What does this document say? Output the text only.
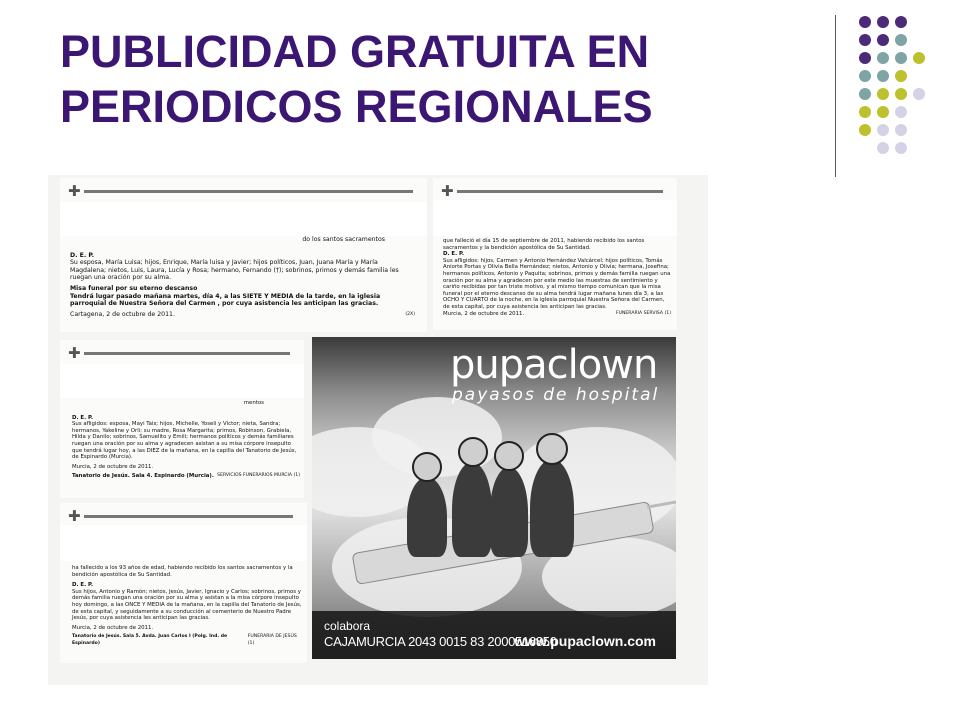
PUBLICIDAD GRATUITA EN
PERIODICOS REGIONALES
✚

do los santos sacramentos

D. E. P.

Su esposa, María Luisa; hijos, Enrique, María luisa y Javier; hijos políticos, Juan, Juana María y María Magdalena; nietos, Luis, Laura, Lucía y Rosa; hermano, Fernando (†); sobrinos, primos y demás familia les ruegan una oración por su alma.

Misa funeral por su eterno descanso

Tendrá lugar pasado mañana martes, día 4, a las SIETE Y MEDIA de la tarde, en la iglesia parroquial de Nuestra Señora del Carmen , por cuya asistencia les anticipan las gracias.

Cartagena, 2 de octubre de 2011.	(2X)
✚

que falleció el día 15 de septiembre de 2011, habiendo recibido los santos sacramentos y la bendición apostólica de Su Santidad.

D. E. P.

Sus afligidos: hijos, Carmen y Antonio Hernández Valcárcel; hijos políticos, Tomás Aniorte Portas y Olivia Bella Hernández; nietos, Antonio y Olivia; hermana, Josefina; hermanos políticos, Antonio y Paquita; sobrinos, primos y demás familia ruegan una oración por su alma y agradecen por este medio las muestras de sentimiento y cariño recibidas por tan triste motivo, y al mismo tiempo comunican que la misa funeral por el eterno descanso de su alma tendrá lugar mañana lunes día 3, a las OCHO Y CUARTO de la noche, en la iglesia parroquial Nuestra Señora del Carmen, de esta capital, por cuya asistencia les anticipan las gracias.

Murcia, 2 de octubre de 2011.	FUNERARIA SERVISA (1)
✚

mentos

D. E. P.

Sus afligidos: esposa, Mayi Tais; hijos, Michelle, Yoseli y Víctor; nieta, Sandra; hermanos, Yakeline y Orli; su madre, Rosa Margarita; primos, Robinson, Grabiela, Hilda y Danilo; sobrinos, Samuelito y Emili; hermanos políticos y demás familiares ruegan una oración por su alma y agradecen asistan a su misa córpore insepulto que tendrá lugar hoy, a las DIEZ de la mañana, en la capilla del Tanatorio de Jesús, de Espinardo (Murcia).

Murcia, 2 de octubre de 2011.

Tanatorio de Jesús. Sala 4. Espinardo (Murcia). SERVICIOS FUNERARIOS MURCIA (1)
✚

ha fallecido a los 93 años de edad, habiendo recibido los santos sacramentos y la bendición apostólica de Su Santidad.

D. E. P.

Sus hijos, Antonio y Ramón; nietos, Jesús, Javier, Ignacio y Carlos; sobrinos, primos y demás familia ruegan una oración por su alma y asistan a la misa córpore insepulto hoy domingo, a las ONCE Y MEDIA de la mañana, en la capilla del Tanatorio de Jesús, de esta capital, y seguidamente a su conducción al cementerio de Nuestro Padre Jesús, por cuya asistencia les anticipan las gracias.

Murcia, 2 de octubre de 2011.

Tanatorio de Jesús. Sala 5. Avda. Juan Carlos I (Polg. Ind. de Espinardo)
FUNERARIA DE JESÚS (1)
pupaclown
payasos de hospital
colabora
CAJAMURCIA 2043 0015 83 2000516850
www.pupaclown.com
